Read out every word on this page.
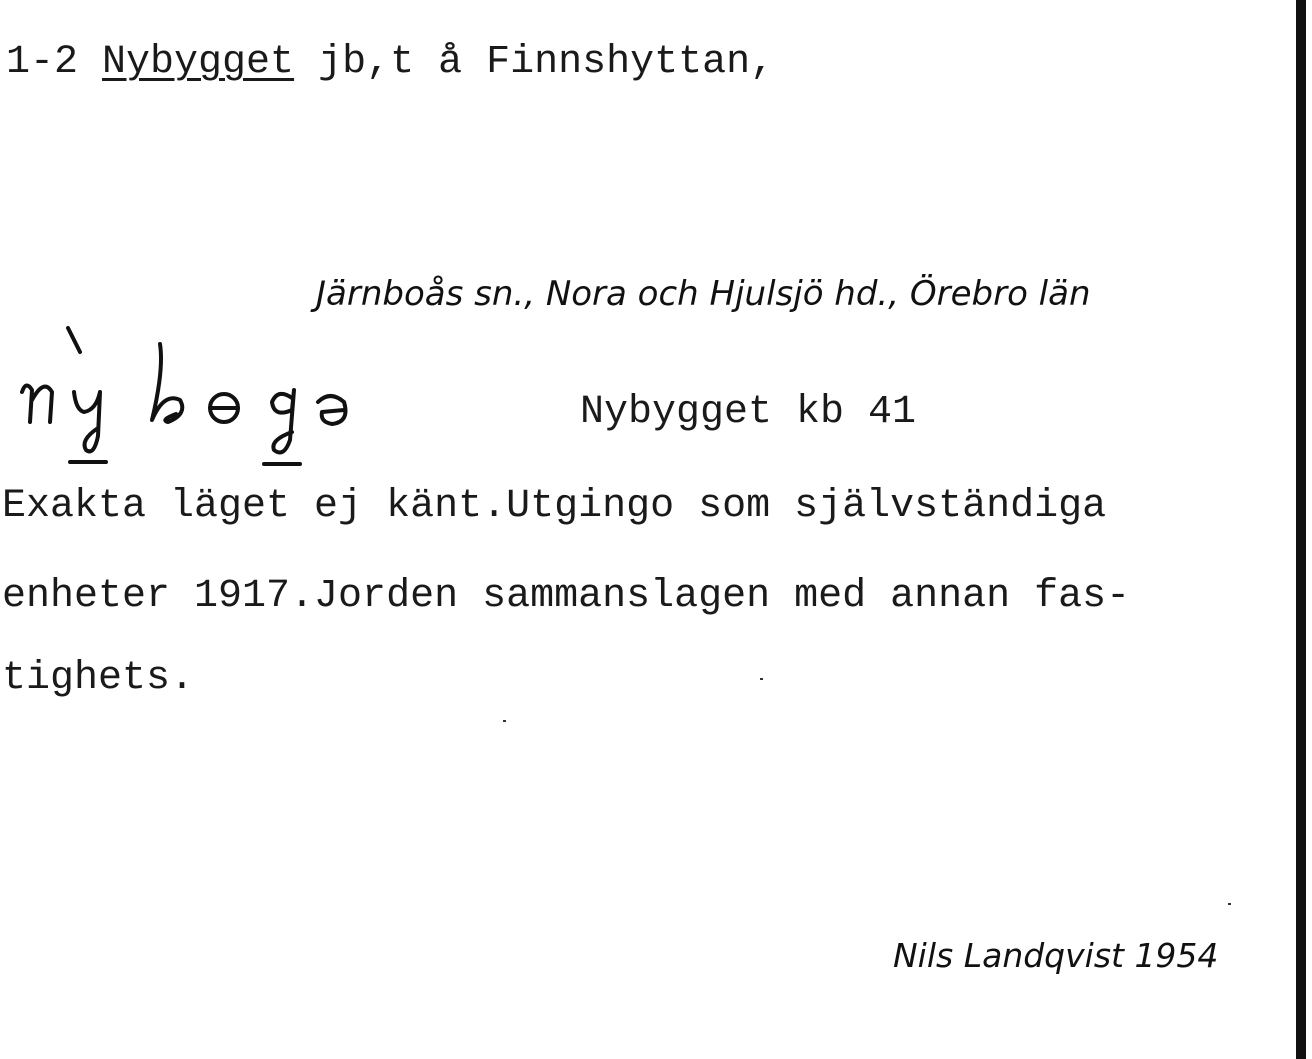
1-2 Nybygget jb,t å Finnshyttan,
Järnboås sn., Nora och Hjulsjö hd., Örebro län
Nybygget kb 41
Exakta läget ej känt.Utgingo som självständiga
enheter 1917.Jorden sammanslagen med annan fas-
tighets.
Nils Landqvist 1954
